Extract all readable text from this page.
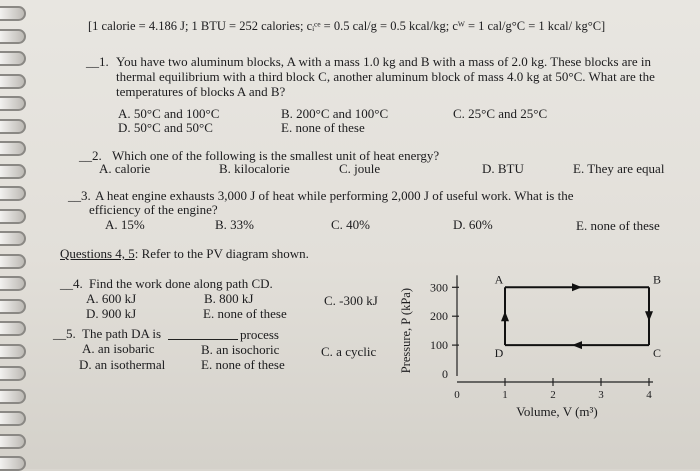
[1 calorie = 4.186 J; 1 BTU = 252 calories; cᵢᶜᵉ = 0.5 cal/g = 0.5 kcal/kg; cᵂ = 1 cal/g°C = 1 kcal/ kg°C]
__1. You have two aluminum blocks, A with a mass 1.0 kg and B with a mass of 2.0 kg. These blocks are in
thermal equilibrium with a third block C, another aluminum block of mass 4.0 kg at 50°C. What are the
temperatures of blocks A and B?
A. 50°C and 100°C	B. 200°C and 100°C	C. 25°C and 25°C
D. 50°C and 50°C	E. none of these
__2. Which one of the following is the smallest unit of heat energy?
A. calorie	B. kilocalorie	C. joule	D. BTU	E. They are equal
__3. A heat engine exhausts 3,000 J of heat while performing 2,000 J of useful work. What is the
efficiency of the engine?
A. 15%	B. 33%	C. 40%	D. 60%	E. none of these
Questions 4, 5: Refer to the PV diagram shown.
__4. Find the work done along path CD.
A. 600 kJ	B. 800 kJ	C. -300 kJ
D. 900 kJ	E. none of these
__5. The path DA is	process
A. an isobaric	B. an isochoric	C. a cyclic
D. an isothermal	E. none of these
0
100
200
300
0	1	2	3	4
Pressure, P (kPa)
Volume, V (m³)
A	B
C
D
